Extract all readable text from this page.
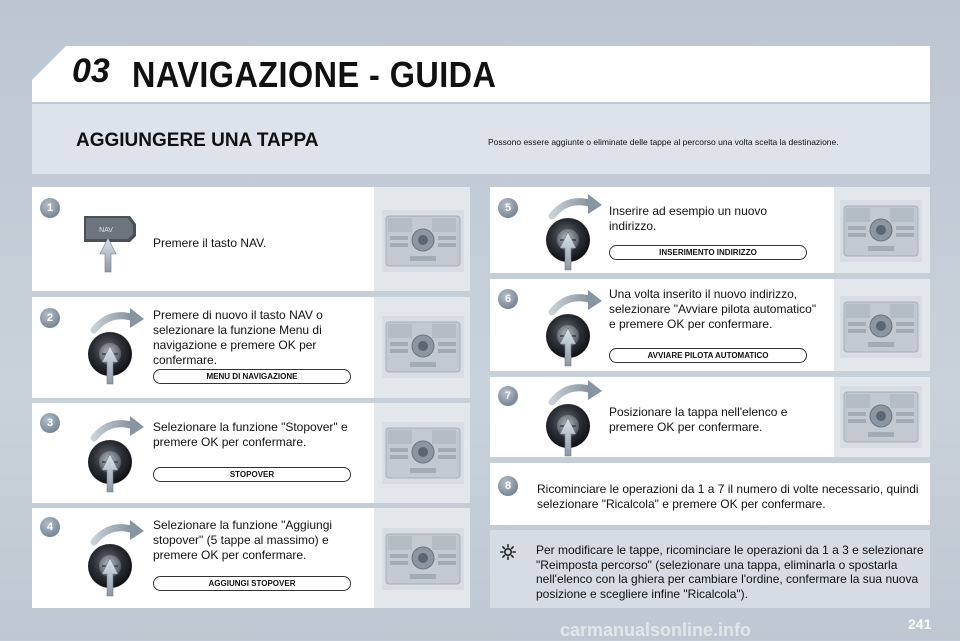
03 NAVIGAZIONE - GUIDA
AGGIUNGERE UNA TAPPA	Possono essere aggiunte o eliminate delle tappe al percorso una volta scelta la destinazione.
1
NAV
Premere il tasto NAV.
2	Premere di nuovo il tasto NAV o selezionare la funzione Menu di navigazione e premere OK per confermare.
MENU DI NAVIGAZIONE
3	Selezionare la funzione "Stopover" e premere OK per confermare.
STOPOVER
4	Selezionare la funzione "Aggiungi stopover" (5 tappe al massimo) e premere OK per confermare.
AGGIUNGI STOPOVER
5	Inserire ad esempio un nuovo indirizzo.
INSERIMENTO INDIRIZZO
6	Una volta inserito il nuovo indirizzo, selezionare "Avviare pilota automatico" e premere OK per confermare.
AVVIARE PILOTA AUTOMATICO
7
Posizionare la tappa nell'elenco e premere OK per confermare.
8	Ricominciare le operazioni da 1 a 7 il numero di volte necessario, quindi selezionare "Ricalcola" e premere OK per confermare.
Per modificare le tappe, ricominciare le operazioni da 1 a 3 e selezionare "Reimposta percorso" (selezionare una tappa, eliminarla o spostarla nell'elenco con la ghiera per cambiare l'ordine, confermare la sua nuova posizione e scegliere infine "Ricalcola").
241
carmanualsonline.info
